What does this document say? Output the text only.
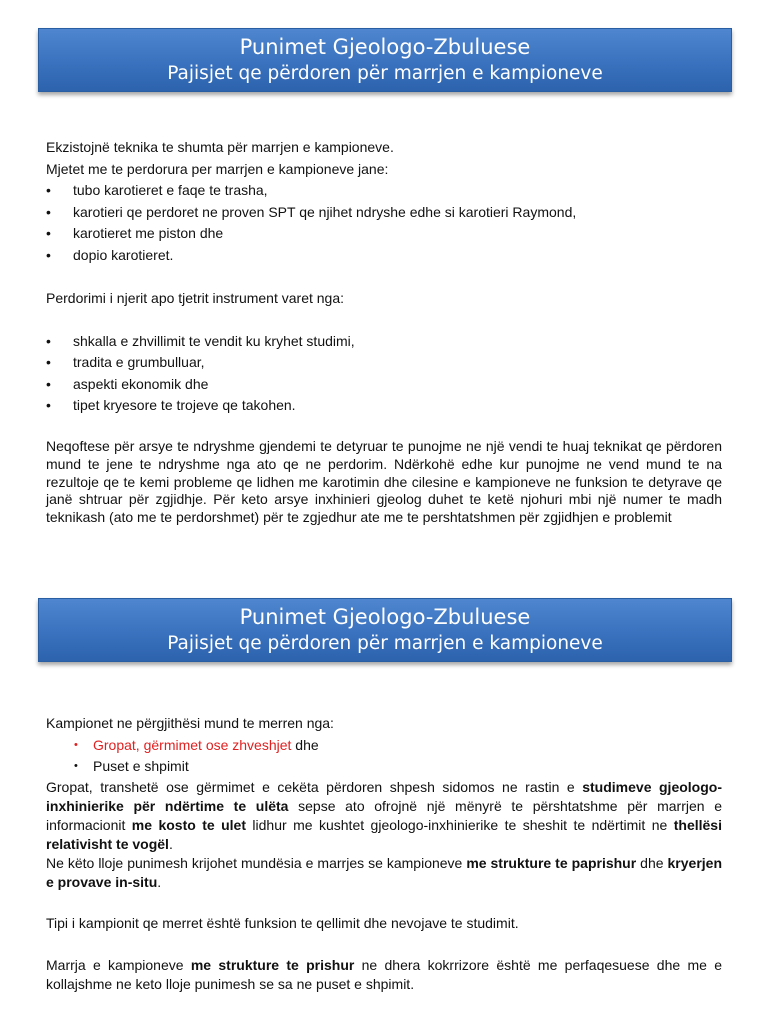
Punimet Gjeologo-Zbuluese
Pajisjet qe përdoren për marrjen e kampioneve

Ekzistojnë teknika te shumta për marrjen e kampioneve.

Mjetet me te perdorura per marrjen e kampioneve jane:

• tubo karotieret e faqe te trasha,
• karotieri qe perdoret ne proven SPT qe njihet ndryshe edhe si karotieri Raymond,
• karotieret me piston dhe
• dopio karotieret.

Perdorimi i njerit apo tjetrit instrument varet nga:

• shkalla e zhvillimit te vendit ku kryhet studimi,
• tradita e grumbulluar,
• aspekti ekonomik dhe
• tipet kryesore te trojeve qe takohen.

Neqoftese për arsye te ndryshme gjendemi te detyruar te punojme ne një vendi te huaj teknikat qe përdoren mund te jene te ndryshme nga ato qe ne perdorim. Ndërkohë edhe kur punojme ne vend mund te na rezultoje qe te kemi probleme qe lidhen me karotimin dhe cilesine e kampioneve ne funksion te detyrave qe janë shtruar për zgjidhje. Për keto arsye inxhinieri gjeolog duhet te ketë njohuri mbi një numer te madh teknikash (ato me te perdorshmet) për te zgjedhur ate me te pershtatshmen për zgjidhjen e problemit

Punimet Gjeologo-Zbuluese
Pajisjet qe përdoren për marrjen e kampioneve

Kampionet ne përgjithësi mund te merren nga:

• Gropat, gërmimet ose zhveshjet dhe
• Puset e shpimit

Gropat, transhetë ose gërmimet e cekëta përdoren shpesh sidomos ne rastin e studimeve gjeologo-inxhinierike për ndërtime te ulëta sepse ato ofrojnë një mënyrë te përshtatshme për marrjen e informacionit me kosto te ulet lidhur me kushtet gjeologo-inxhinierike te sheshit te ndërtimit ne thellësi relativisht te vogël.

Ne këto lloje punimesh krijohet mundësia e marrjes se kampioneve me strukture te paprishur dhe kryerjen e provave in-situ.

Tipi i kampionit qe merret është funksion te qellimit dhe nevojave te studimit.

Marrja e kampioneve me strukture te prishur ne dhera kokrrizore është me perfaqesuese dhe me e kollajshme ne keto lloje punimesh se sa ne puset e shpimit.
